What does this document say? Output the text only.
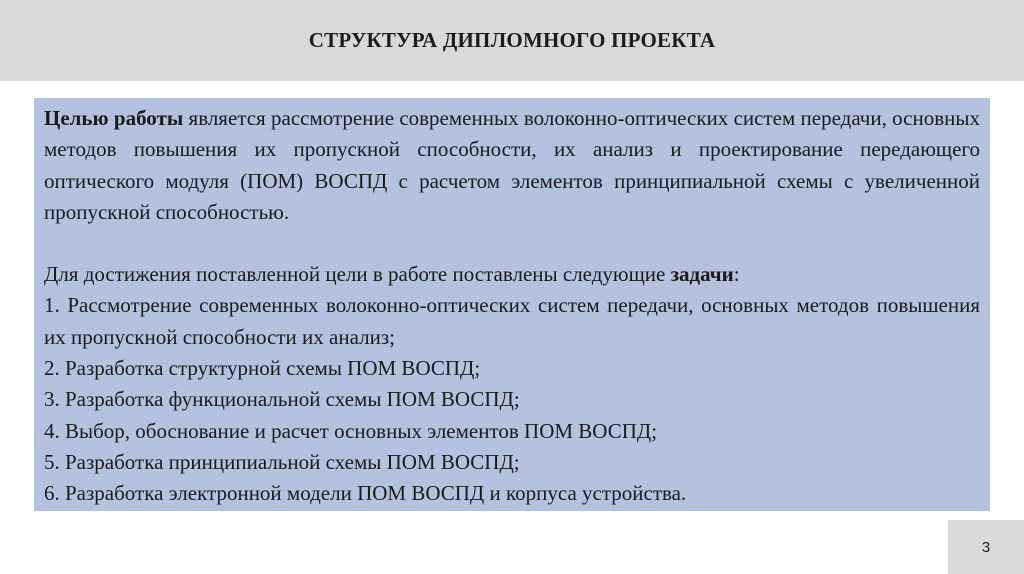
СТРУКТУРА ДИПЛОМНОГО ПРОЕКТА

Целью работы является рассмотрение современных волоконно-оптических систем передачи, основных методов повышения их пропускной способности, их анализ и проектирование передающего оптического модуля (ПОМ) ВОСПД с расчетом элементов принципиальной схемы с увеличенной пропускной способностью.

Для достижения поставленной цели в работе поставлены следующие задачи:

1. Рассмотрение современных волоконно-оптических систем передачи, основных методов повышения их пропускной способности их анализ;

2. Разработка структурной схемы ПОМ ВОСПД;

3. Разработка функциональной схемы ПОМ ВОСПД;

4. Выбор, обоснование и расчет основных элементов ПОМ ВОСПД;

5. Разработка принципиальной схемы ПОМ ВОСПД;

6. Разработка электронной модели ПОМ ВОСПД и корпуса устройства.

3
